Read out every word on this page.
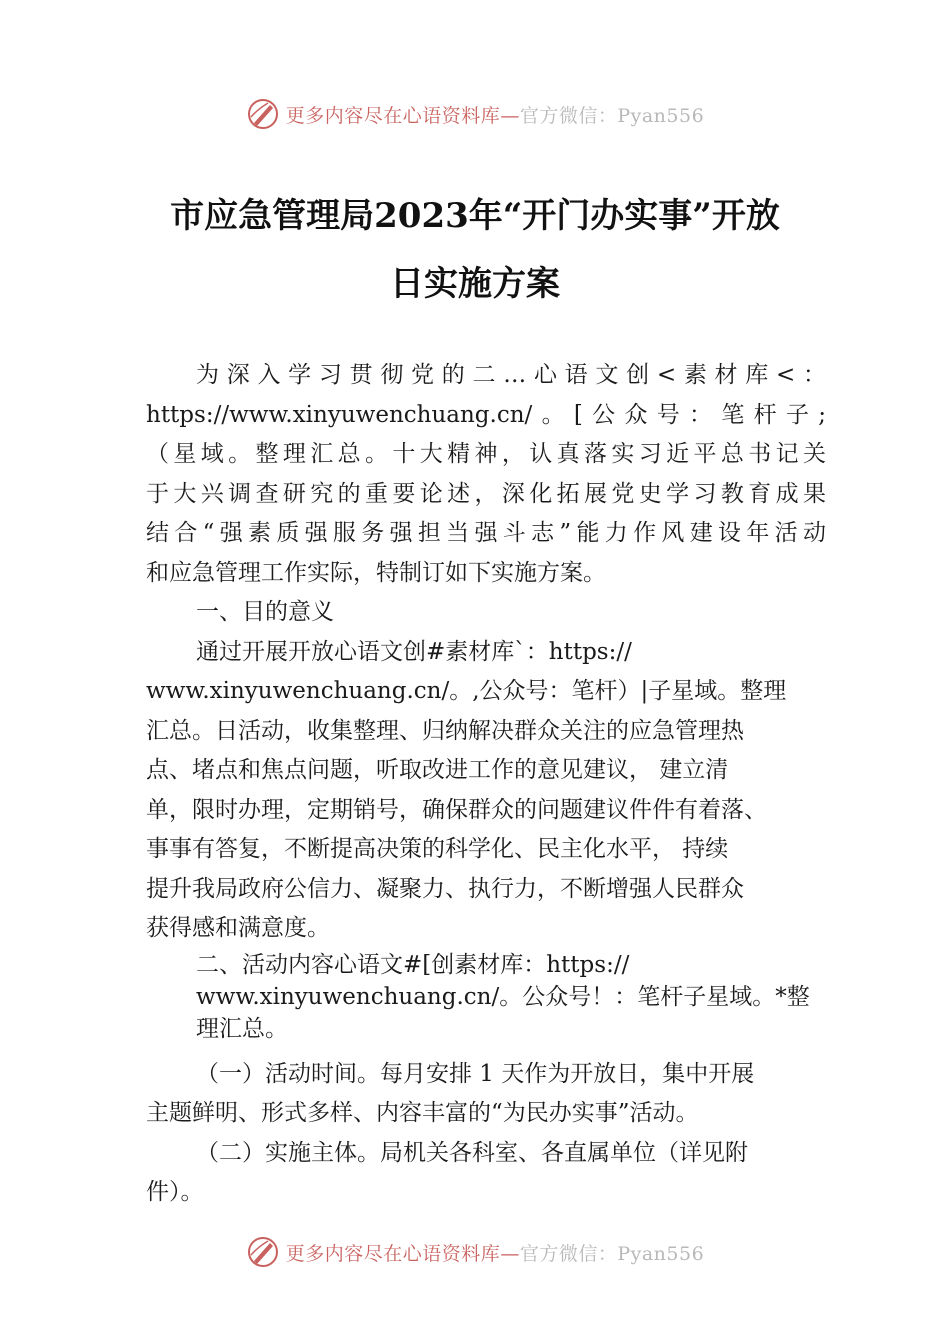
更多内容尽在心语资料库—官方微信：Pyan556
市应急管理局2023年“开门办实事”开放
日实施方案
为深入学习贯彻党的二…心语文创<素材库<：
https://www.xinyuwenchuang.cn/。[公众号：笔杆子;
（星域。整理汇总。十大精神，认真落实习近平总书记关
于大兴调查研究的重要论述，深化拓展党史学习教育成果
结合“强素质强服务强担当强斗志”能力作风建设年活动
和应急管理工作实际，特制订如下实施方案。
一、目的意义
通过开展开放心语文创#素材库`：https://
www.xinyuwenchuang.cn/。,公众号：笔杆）|子星域。整理
汇总。日活动，收集整理、归纳解决群众关注的应急管理热
点、堵点和焦点问题，听取改进工作的意见建议， 建立清
单，限时办理，定期销号，确保群众的问题建议件件有着落、
事事有答复，不断提高决策的科学化、民主化水平， 持续
提升我局政府公信力、凝聚力、执行力，不断增强人民群众
获得感和满意度。
二、活动内容心语文#[创素材库：https://
www.xinyuwenchuang.cn/。公众号！：笔杆子星域。*整
理汇总。
（一）活动时间。每月安排 1 天作为开放日，集中开展
主题鲜明、形式多样、内容丰富的“为民办实事”活动。
（二）实施主体。局机关各科室、各直属单位（详见附
件）。
更多内容尽在心语资料库—官方微信：Pyan556
